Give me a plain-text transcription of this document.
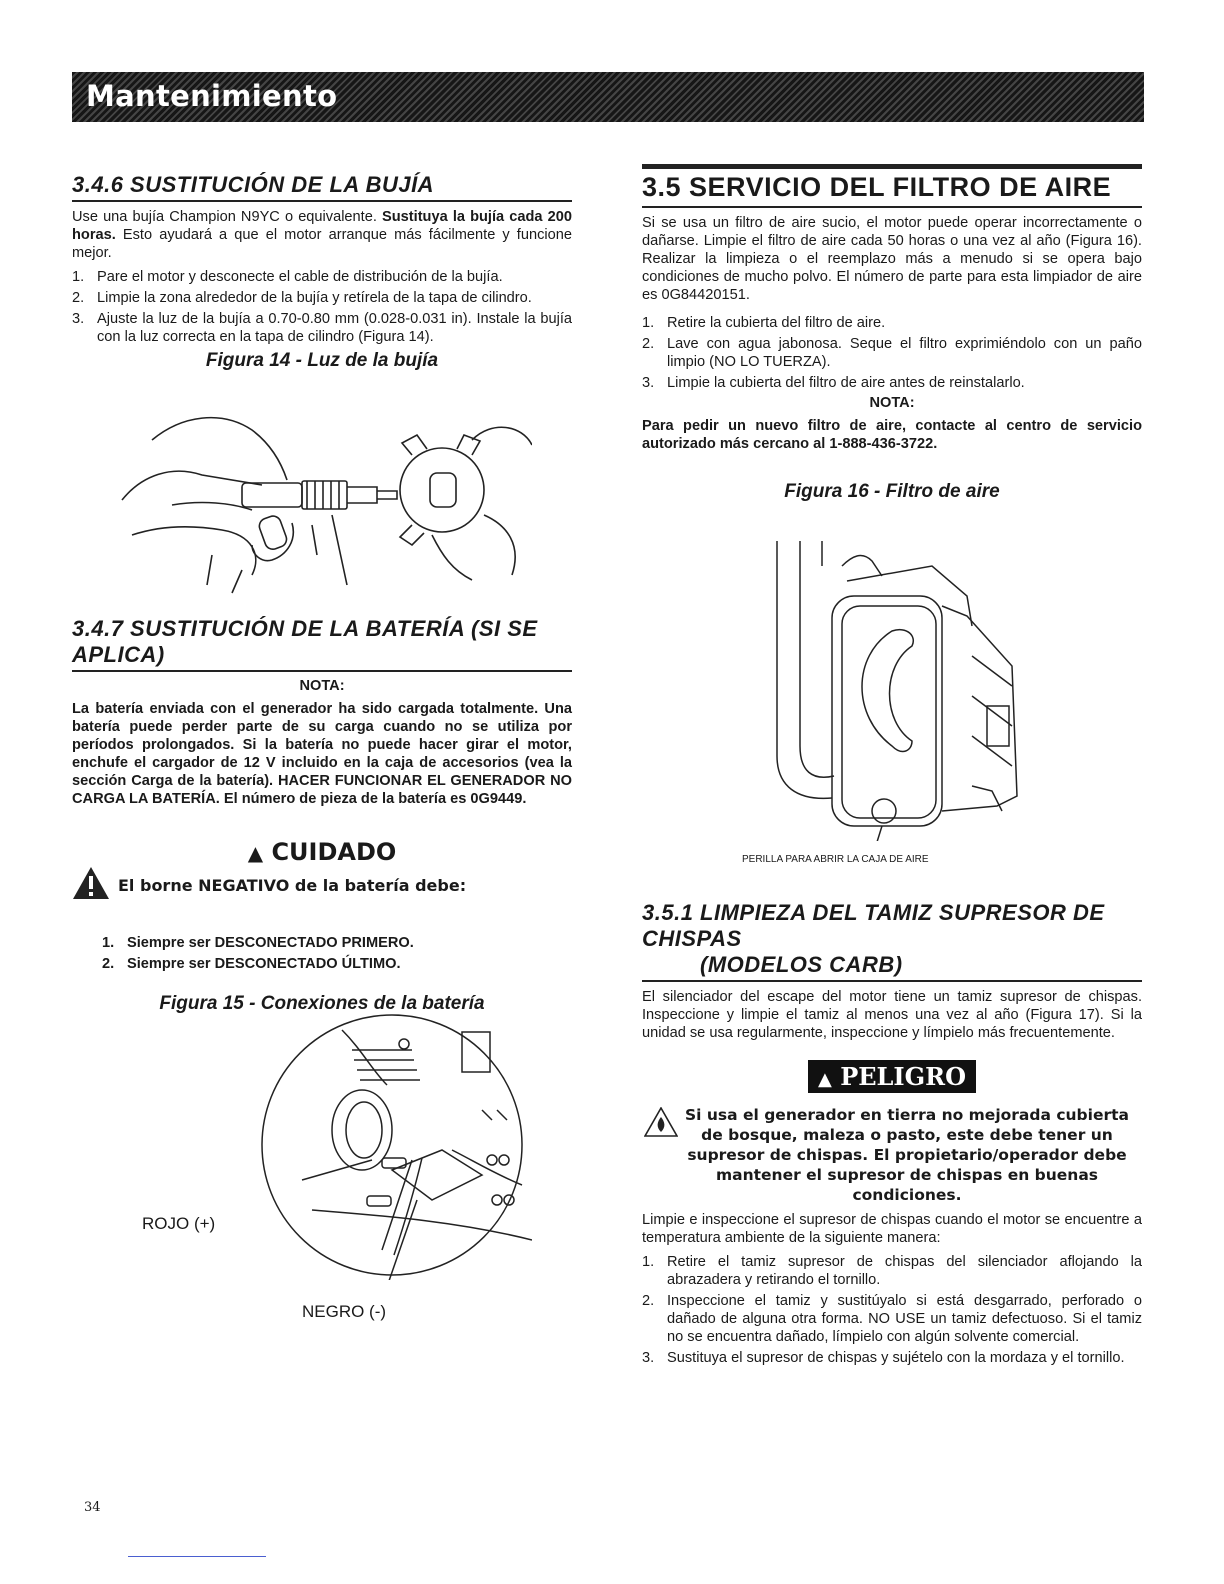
Mantenimiento
3.4.6 SUSTITUCIÓN DE LA BUJÍA

Use una bujía Champion N9YC o equivalente. Sustituya la bujía cada 200 horas. Esto ayudará a que el motor arranque más fácilmente y funcione mejor.

1. Pare el motor y desconecte el cable de distribución de la bujía.
2. Limpie la zona alrededor de la bujía y retírela de la tapa de cilindro.
3. Ajuste la luz de la bujía a 0.70-0.80 mm (0.028-0.031 in). Instale la bujía con la luz correcta en la tapa de cilindro (Figura 14).

Figura 14 - Luz de la bujía

3.4.7 SUSTITUCIÓN DE LA BATERÍA (SI SE APLICA)
NOTA:

La batería enviada con el generador ha sido cargada totalmente. Una batería puede perder parte de su carga cuando no se utiliza por períodos prolongados. Si la batería no puede hacer girar el motor, enchufe el cargador de 12 V incluido en la caja de accesorios (vea la sección Carga de la batería). HACER FUNCIONAR EL GENERADOR NO CARGA LA BATERÍA. El número de pieza de la batería es 0G9449.

▲ CUIDADO
El borne NEGATIVO de la batería debe:
1. Siempre ser DESCONECTADO PRIMERO.
2. Siempre ser DESCONECTADO ÚLTIMO.

Figura 15 - Conexiones de la batería

ROJO (+)
NEGRO (-)
3.5 SERVICIO DEL FILTRO DE AIRE

Si se usa un filtro de aire sucio, el motor puede operar incorrectamente o dañarse. Limpie el filtro de aire cada 50 horas o una vez al año (Figura 16). Realizar la limpieza o el reemplazo más a menudo si se opera bajo condiciones de mucho polvo. El número de parte para esta limpiador de aire es 0G84420151.

1. Retire la cubierta del filtro de aire.
2. Lave con agua jabonosa. Seque el filtro exprimiéndolo con un paño limpio (NO LO TUERZA).
3. Limpie la cubierta del filtro de aire antes de reinstalarlo.
NOTA:

Para pedir un nuevo filtro de aire, contacte al centro de servicio autorizado más cercano al 1-888-436-3722.

Figura 16 - Filtro de aire

PERILLA PARA ABRIR LA CAJA DE AIRE
3.5.1 LIMPIEZA DEL TAMIZ SUPRESOR DE CHISPAS
(MODELOS CARB)

El silenciador del escape del motor tiene un tamiz supresor de chispas. Inspeccione y limpie el tamiz al menos una vez al año (Figura 17). Si la unidad se usa regularmente, inspeccione y límpielo más frecuentemente.

▲ PELIGRO

Si usa el generador en tierra no mejorada cubierta de bosque, maleza o pasto, este debe tener un supresor de chispas. El propietario/operador debe mantener el supresor de chispas en buenas condiciones.

Limpie e inspeccione el supresor de chispas cuando el motor se encuentre a temperatura ambiente de la siguiente manera:

1. Retire el tamiz supresor de chispas del silenciador aflojando la abrazadera y retirando el tornillo.
2. Inspeccione el tamiz y sustitúyalo si está desgarrado, perforado o dañado de alguna otra forma. NO USE un tamiz defectuoso. Si el tamiz no se encuentra dañado, límpielo con algún solvente comercial.
3. Sustituya el supresor de chispas y sujételo con la mordaza y el tornillo.
34
